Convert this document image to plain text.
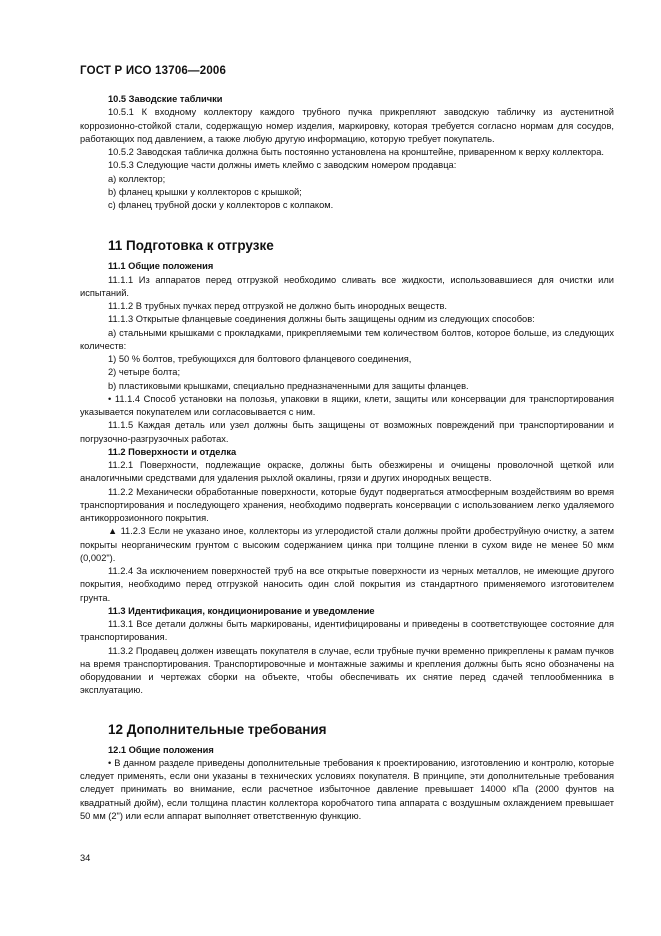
ГОСТ Р ИСО 13706—2006

10.5 Заводские таблички

10.5.1 К входному коллектору каждого трубного пучка прикрепляют заводскую табличку из аустенитной коррозионно-стойкой стали, содержащую номер изделия, маркировку, которая требуется согласно нормам для сосудов, работающих под давлением, а также любую другую информацию, которую требует покупатель.

10.5.2 Заводская табличка должна быть постоянно установлена на кронштейне, приваренном к верху коллектора.

10.5.3 Следующие части должны иметь клеймо с заводским номером продавца:

a) коллектор;

b) фланец крышки у коллекторов с крышкой;

c) фланец трубной доски у коллекторов с колпаком.

11 Подготовка к отгрузке

11.1 Общие положения

11.1.1 Из аппаратов перед отгрузкой необходимо сливать все жидкости, использовавшиеся для очистки или испытаний.

11.1.2 В трубных пучках перед отгрузкой не должно быть инородных веществ.

11.1.3 Открытые фланцевые соединения должны быть защищены одним из следующих способов:

a) стальными крышками с прокладками, прикрепляемыми тем количеством болтов, которое больше, из следующих количеств:

1) 50 % болтов, требующихся для болтового фланцевого соединения,

2) четыре болта;

b) пластиковыми крышками, специально предназначенными для защиты фланцев.

• 11.1.4 Способ установки на полозья, упаковки в ящики, клети, защиты или консервации для транспортирования указывается покупателем или согласовывается с ним.

11.1.5 Каждая деталь или узел должны быть защищены от возможных повреждений при транспортировании и погрузочно-разгрузочных работах.

11.2 Поверхности и отделка

11.2.1 Поверхности, подлежащие окраске, должны быть обезжирены и очищены проволочной щеткой или аналогичными средствами для удаления рыхлой окалины, грязи и других инородных веществ.

11.2.2 Механически обработанные поверхности, которые будут подвергаться атмосферным воздействиям во время транспортирования и последующего хранения, необходимо подвергать консервации с использованием легко удаляемого антикоррозионного покрытия.

▲ 11.2.3 Если не указано иное, коллекторы из углеродистой стали должны пройти дробеструйную очистку, а затем покрыты неорганическим грунтом с высоким содержанием цинка при толщине пленки в сухом виде не менее 50 мкм (0,002").

11.2.4 За исключением поверхностей труб на все открытые поверхности из черных металлов, не имеющие другого покрытия, необходимо перед отгрузкой наносить один слой покрытия из стандартного применяемого изготовителем грунта.

11.3 Идентификация, кондиционирование и уведомление

11.3.1 Все детали должны быть маркированы, идентифицированы и приведены в соответствующее состояние для транспортирования.

11.3.2 Продавец должен извещать покупателя в случае, если трубные пучки временно прикреплены к рамам пучков на время транспортирования. Транспортировочные и монтажные зажимы и крепления должны быть ясно обозначены на оборудовании и чертежах сборки на объекте, чтобы обеспечивать их снятие перед сдачей теплообменника в эксплуатацию.

12 Дополнительные требования

12.1 Общие положения

• В данном разделе приведены дополнительные требования к проектированию, изготовлению и контролю, которые следует применять, если они указаны в технических условиях покупателя. В принципе, эти дополнительные требования следует принимать во внимание, если расчетное избыточное давление превышает 14000 кПа (2000 фунтов на квадратный дюйм), если толщина пластин коллектора коробчатого типа аппарата с воздушным охлаждением превышает 50 мм (2") или если аппарат выполняет ответственную функцию.

34
